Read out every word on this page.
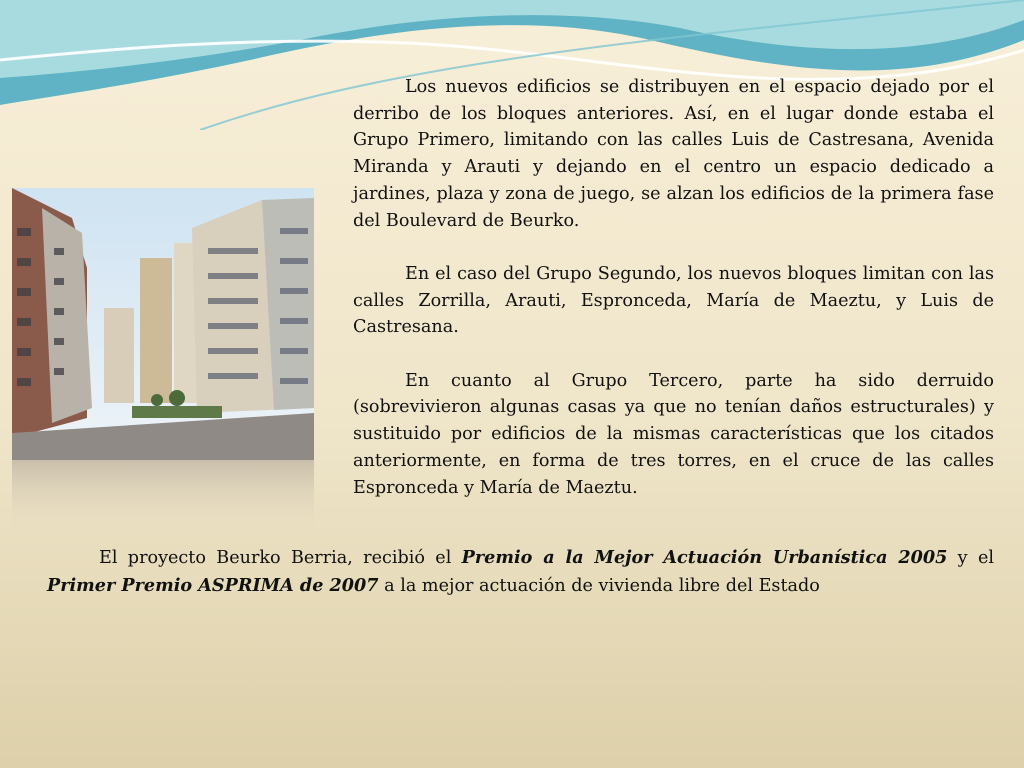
Los nuevos edificios se distribuyen en el espacio dejado por el derribo de los bloques anteriores. Así, en el lugar donde estaba el Grupo Primero, limitando con las calles Luis de Castresana, Avenida Miranda y Arauti y dejando en el centro un espacio dedicado a jardines, plaza y zona de juego, se alzan los edificios de la primera fase del Boulevard de Beurko.

En el caso del Grupo Segundo, los nuevos bloques limitan con las calles Zorrilla, Arauti, Espronceda, María de Maeztu, y Luis de Castresana.

En cuanto al Grupo Tercero, parte ha sido derruido (sobrevivieron algunas casas ya que no tenían daños estructurales) y sustituido por edificios de la mismas características que los citados anteriormente, en forma de tres torres, en el cruce de las calles Espronceda y María de Maeztu.

El proyecto Beurko Berria, recibió el Premio a la Mejor Actuación Urbanística 2005 y el Primer Premio ASPRIMA de 2007 a la mejor actuación de vivienda libre del Estado
